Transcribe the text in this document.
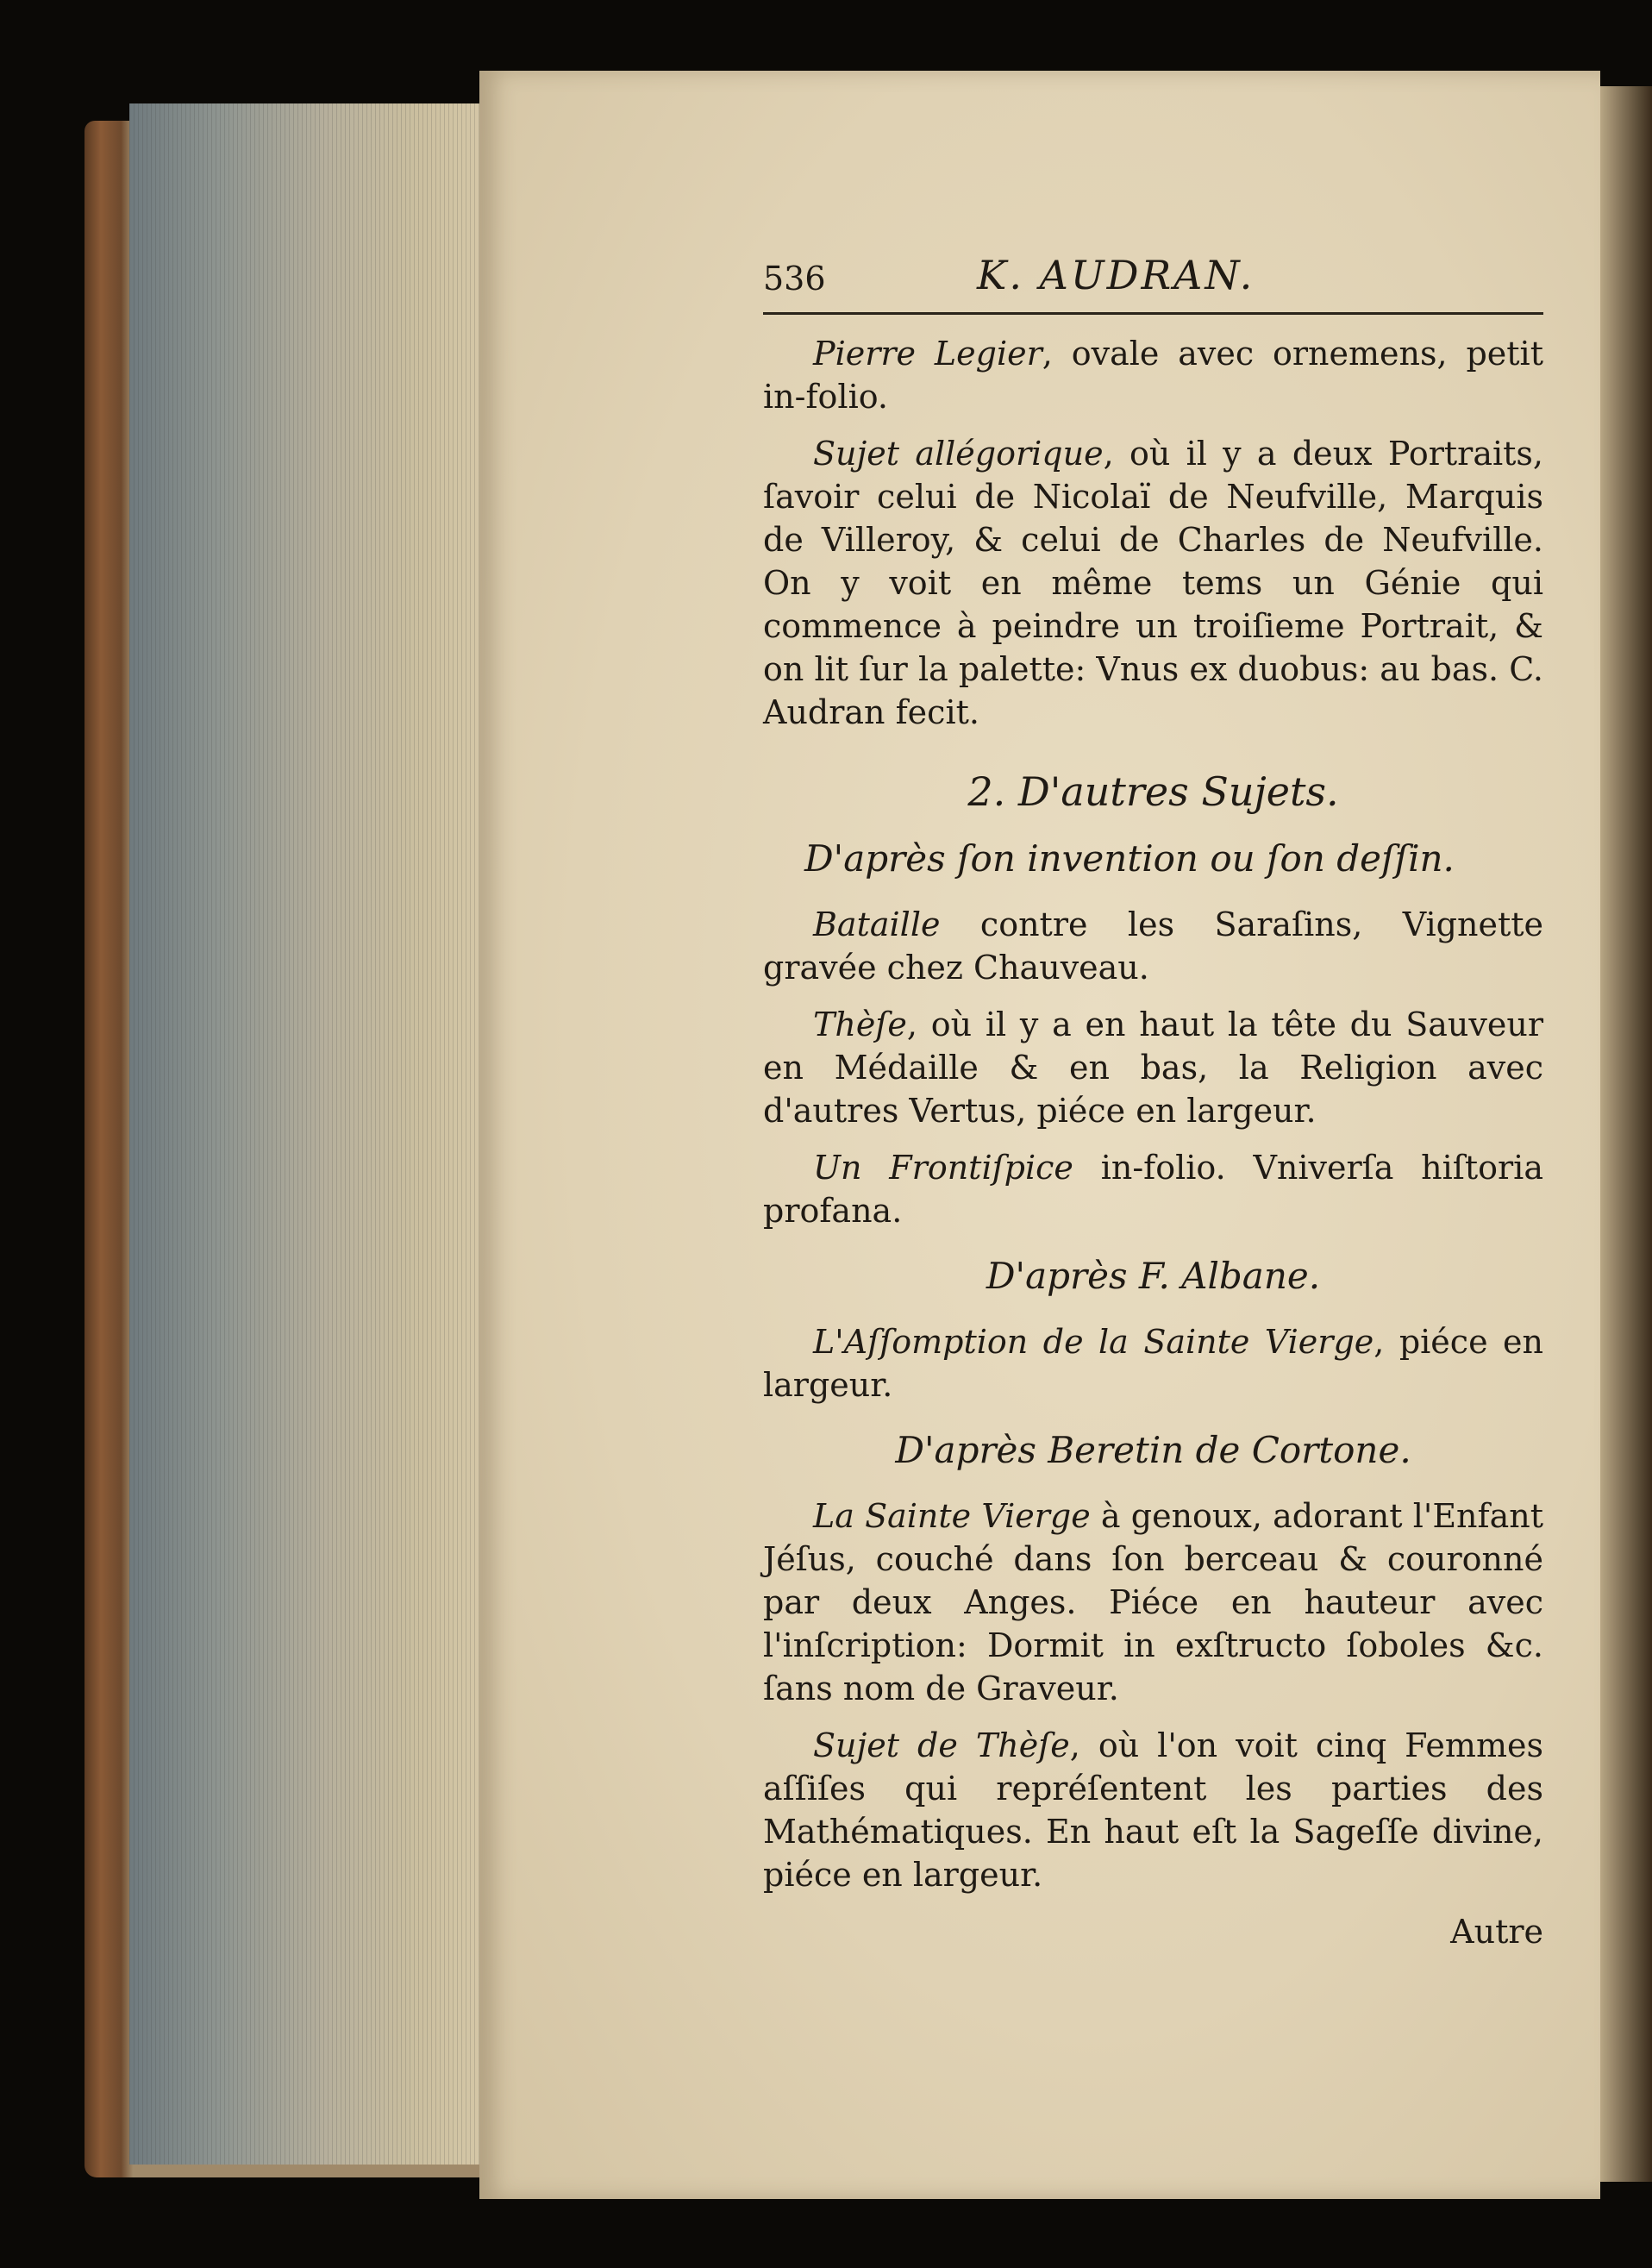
536	K. AUDRAN.

Pierre Legier, ovale avec ornemens, petit in-folio.

Sujet allégorique, où il y a deux Portraits, ſavoir celui de Nicolaï de Neufville, Marquis de Villeroy, & celui de Charles de Neufville. On y voit en même tems un Génie qui commence à peindre un troiſieme Portrait, & on lit ſur la palette: Vnus ex duobus: au bas. C. Audran fecit.

2. D'autres Sujets.
D'après ſon invention ou ſon deſſin.

Bataille contre les Saraſins, Vignette gravée chez Chauveau.

Thèſe, où il y a en haut la tête du Sauveur en Médaille & en bas, la Religion avec d'autres Vertus, piéce en largeur.

Un Frontiſpice in-folio. Vniverſa hiſtoria profana.

D'après F. Albane.

L'Aſſomption de la Sainte Vierge, piéce en largeur.

D'après Beretin de Cortone.

La Sainte Vierge à genoux, adorant l'Enfant Jéſus, couché dans ſon berceau & couronné par deux Anges. Piéce en hauteur avec l'inſcription: Dormit in exſtructo ſoboles &c. ſans nom de Graveur.

Sujet de Thèſe, où l'on voit cinq Femmes aſſiſes qui repréſentent les parties des Mathématiques. En haut eſt la Sageſſe divine, piéce en largeur.

Autre
